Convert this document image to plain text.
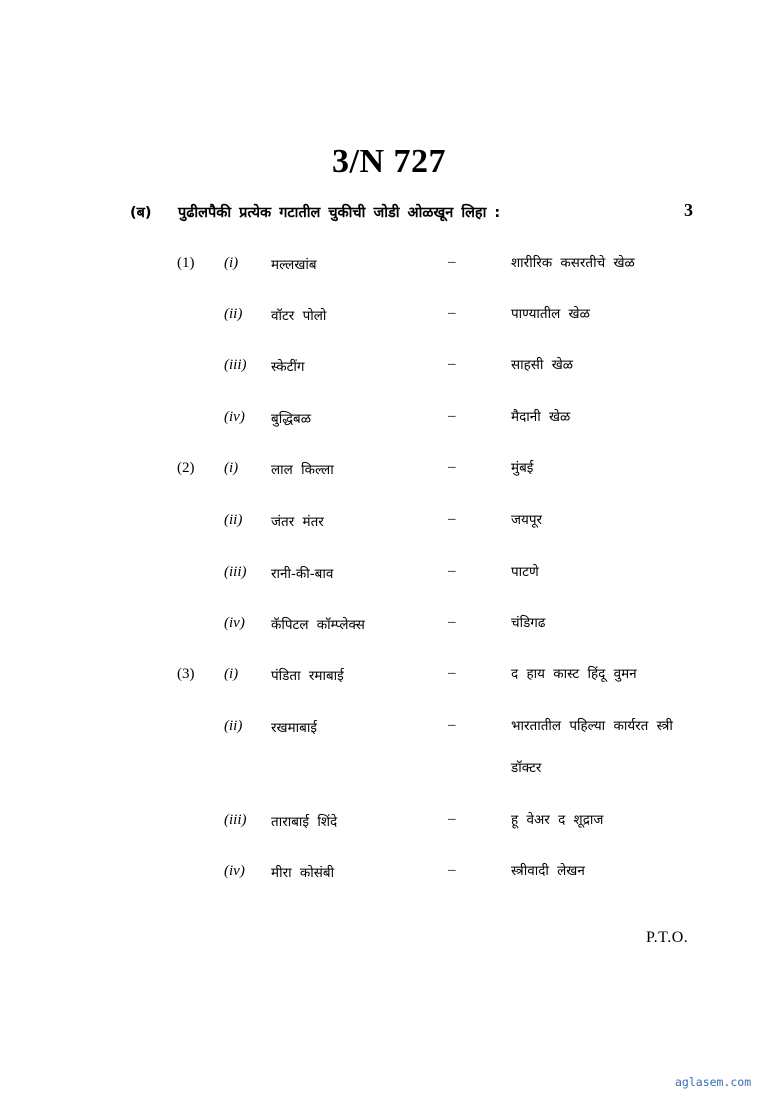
3/N 727
(ब) पुढीलपैकी प्रत्येक गटातील चुकीची जोडी ओळखून लिहा :	3
(1) (i) मल्लखांब	–	शारीरिक कसरतीचे खेळ
(ii) वॉटर पोलो	–	पाण्यातील खेळ
(iii) स्केटींग	–	साहसी खेळ
(iv) बुद्धिबळ	–	मैदानी खेळ
(2) (i) लाल किल्ला	–	मुंबई
(ii) जंतर मंतर	–	जयपूर
(iii) रानी-की-बाव	–	पाटणे
(iv) कॅपिटल कॉम्प्लेक्स	–	चंडिगढ
(3) (i) पंडिता रमाबाई	–	द हाय कास्ट हिंदू वुमन
(ii) रखमाबाई	–	भारतातील पहिल्या कार्यरत स्त्री डॉक्टर
(iii) ताराबाई शिंदे	–	हू वेअर द शूद्राज
(iv) मीरा कोसंबी	–	स्त्रीवादी लेखन
P.T.O.
aglasem.com
